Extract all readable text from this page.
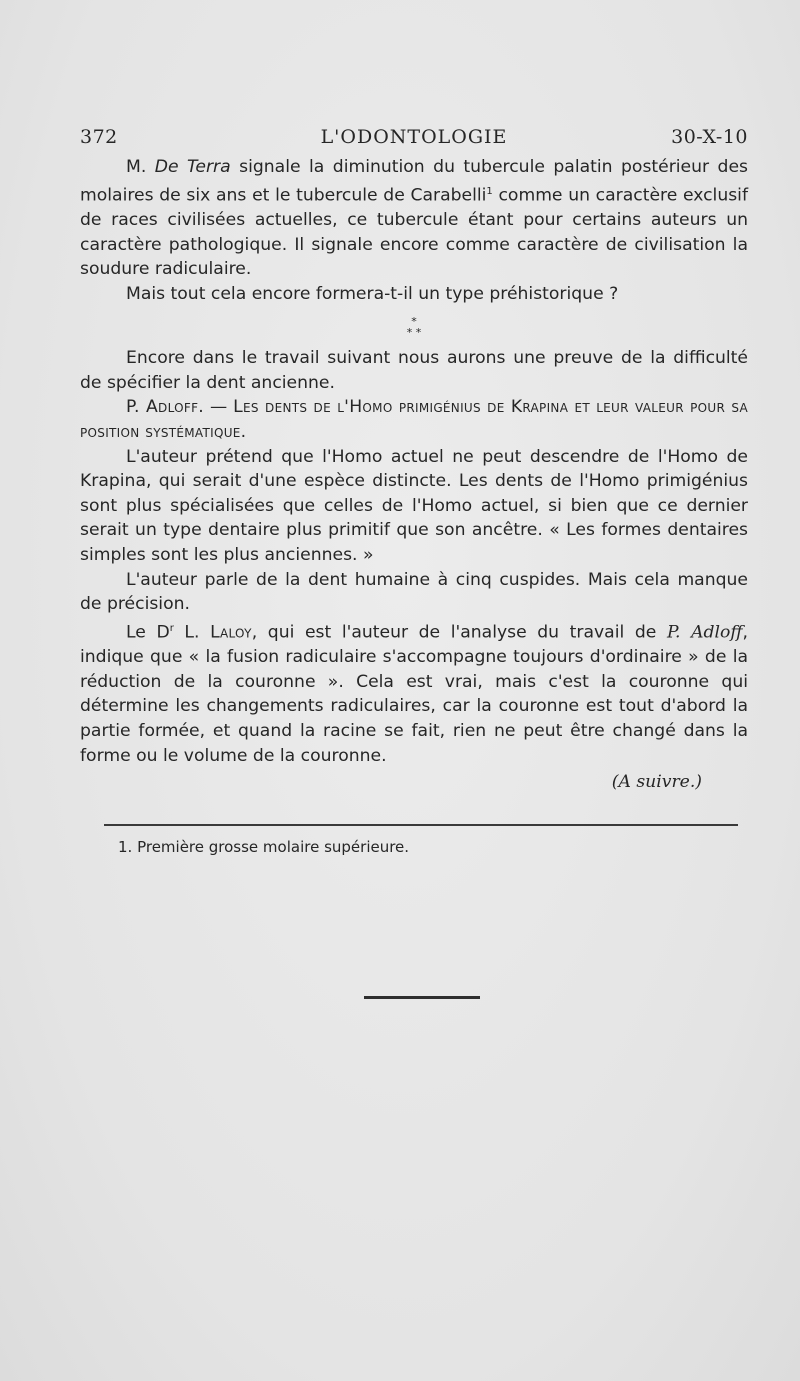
372	L'ODONTOLOGIE	30-X-10

M. De Terra signale la diminution du tubercule palatin postérieur des molaires de six ans et le tubercule de Carabelli$^1$ comme un caractère exclusif de races civilisées actuelles, ce tubercule étant pour certains auteurs un caractère pathologique. Il signale encore comme caractère de civilisation la soudure radiculaire.

Mais tout cela encore formera-t-il un type préhistorique ?

*
* *

Encore dans le travail suivant nous aurons une preuve de la difficulté de spécifier la dent ancienne.

P. Adloff. — Les dents de l'Homo primigénius de Krapina et leur valeur pour sa position systématique.

L'auteur prétend que l'Homo actuel ne peut descendre de l'Homo de Krapina, qui serait d'une espèce distincte. Les dents de l'Homo primigénius sont plus spécialisées que celles de l'Homo actuel, si bien que ce dernier serait un type dentaire plus primitif que son ancêtre. « Les formes dentaires simples sont les plus anciennes. »

L'auteur parle de la dent humaine à cinq cuspides. Mais cela manque de précision.

Le $D^r$ L. Laloy, qui est l'auteur de l'analyse du travail de P. Adloff, indique que « la fusion radiculaire s'accompagne toujours d'ordinaire » de la réduction de la couronne ». Cela est vrai, mais c'est la couronne qui détermine les changements radiculaires, car la couronne est tout d'abord la partie formée, et quand la racine se fait, rien ne peut être changé dans la forme ou le volume de la couronne.

(A suivre.)
1. Première grosse molaire supérieure.
